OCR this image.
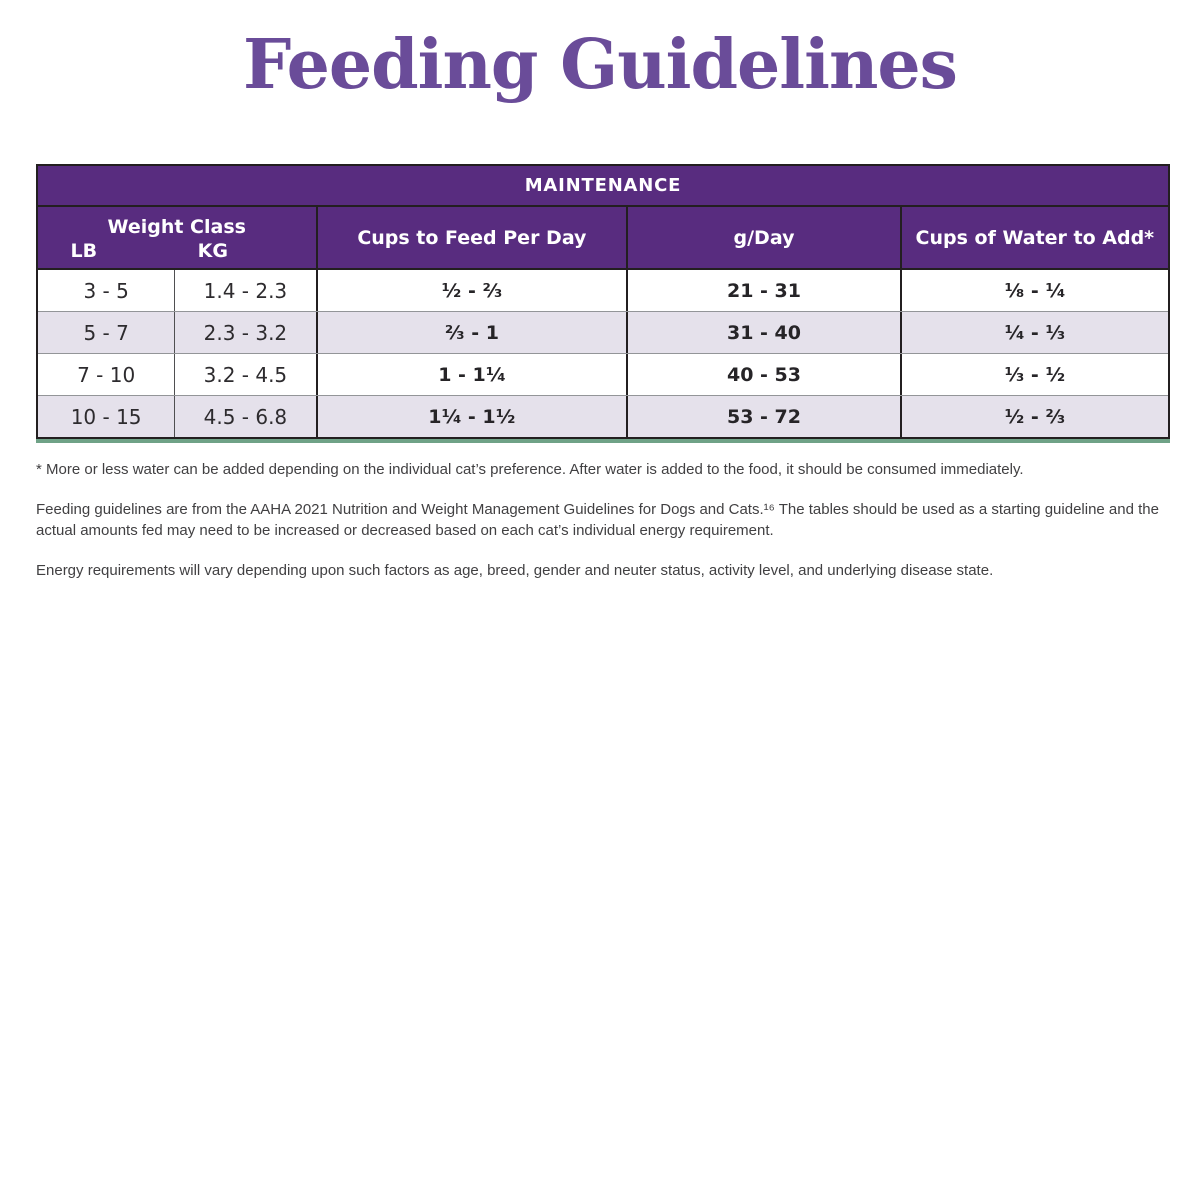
Feeding Guidelines
MAINTENANCE
Weight Class
LB	KG
Cups to Feed Per Day	g/Day	Cups of Water to Add*
3 - 5	1.4 - 2.3	¹⁄₂ - ²⁄₃	21 - 31	¹⁄₈ - ¹⁄₄
5 - 7	2.3 - 3.2	²⁄₃ - 1	31 - 40	¹⁄₄ - ¹⁄₃
7 - 10	3.2 - 4.5	1 - 1¹⁄₄	40 - 53	¹⁄₃ - ¹⁄₂
10 - 15	4.5 - 6.8	1¹⁄₄ - 1¹⁄₂	53 - 72	¹⁄₂ - ²⁄₃

* More or less water can be added depending on the individual cat’s preference. After water is added to the food, it should be consumed immediately.

Feeding guidelines are from the AAHA 2021 Nutrition and Weight Management Guidelines for Dogs and Cats.¹⁶ The tables should be used as a starting guideline and the actual amounts fed may need to be increased or decreased based on each cat’s individual energy requirement.

Energy requirements will vary depending upon such factors as age, breed, gender and neuter status, activity level, and underlying disease state.
